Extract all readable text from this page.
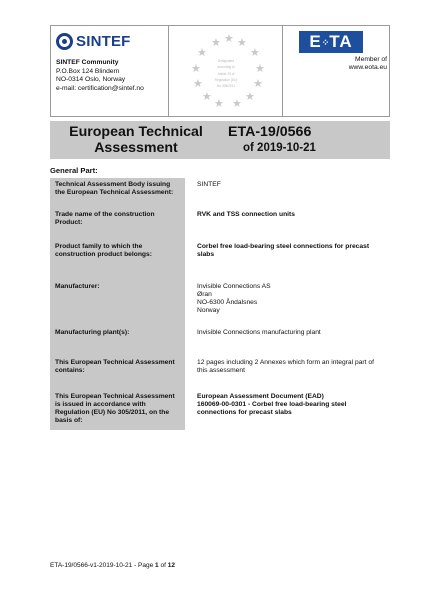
SINTEF
SINTEF Community
P.O.Box 124 Blindern
NO-0314 Oslo, Norway
e-mail: certification@sintef.no
★ ★ ★
★	★
★	★
★	★
★	★
★ ★
Designated
according to
Article 29 of
Regulation (EU)
No 305/2011
E⁘TA
Member of
www.eota.eu
European Technical
Assessment
ETA-19/0566
of 2019-10-21
General Part:
Technical Assessment Body issuing the European Technical Assessment:	SINTEF

Trade name of the construction Product:	RVK and TSS connection units

Product family to which the construction product belongs:	Corbel free load-bearing steel connections for precast slabs

Manufacturer:	Invisible Connections AS
Øran
NO-6300 Åndalsnes
Norway

Manufacturing plant(s):	Invisible Connections manufacturing plant

This European Technical Assessment contains:	12 pages including 2 Annexes which form an integral part of this assessment

This European Technical Assessment is issued in accordance with Regulation (EU) No 305/2011, on the basis of:	European Assessment Document (EAD)
160069-00-0301 - Corbel free load-bearing steel connections for precast slabs
ETA-19/0566-v1-2019-10-21 - Page 1 of 12
